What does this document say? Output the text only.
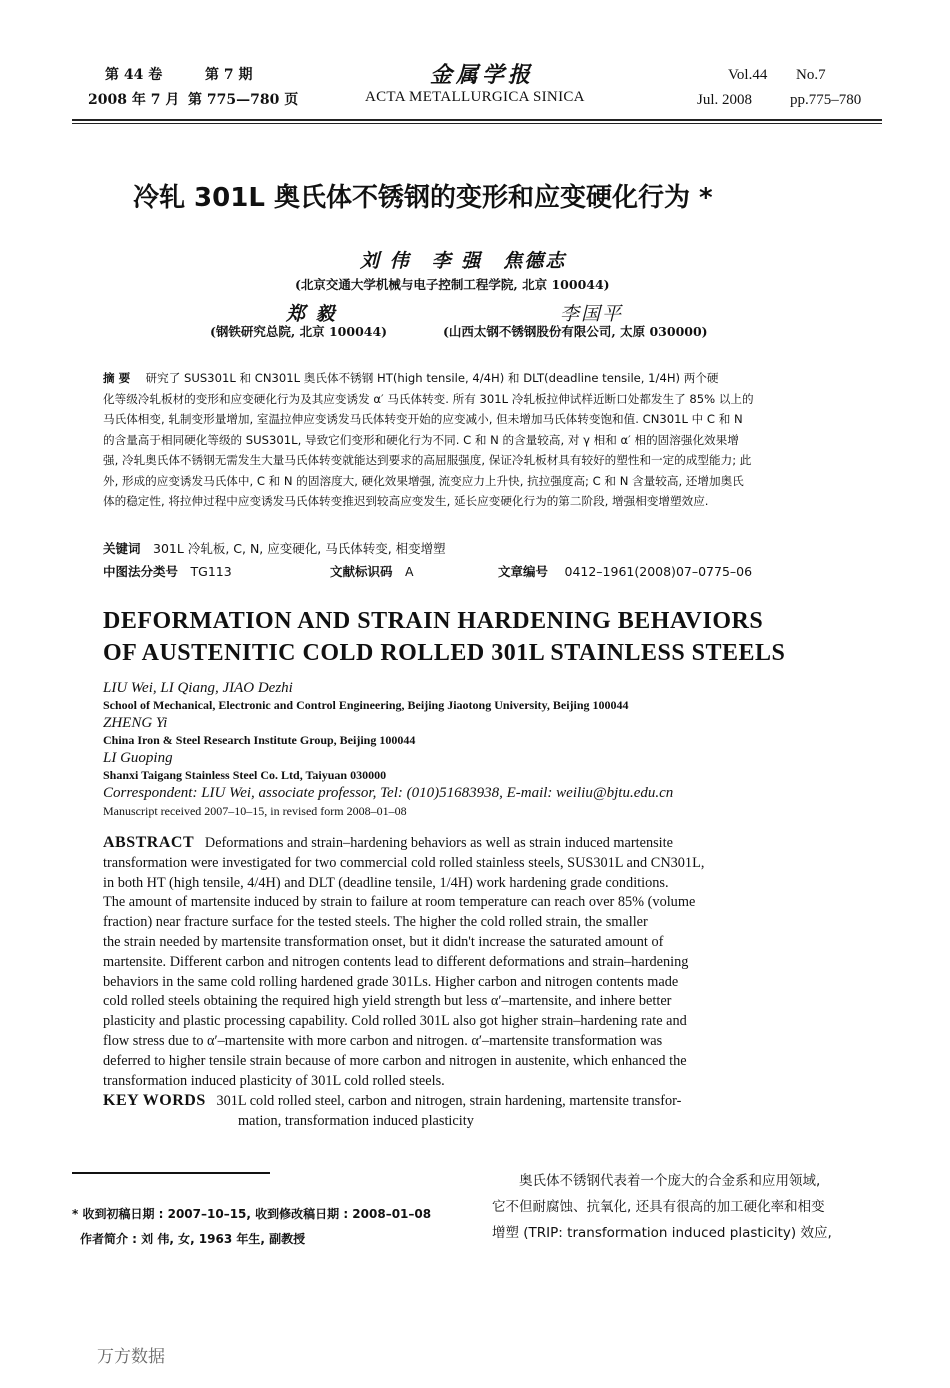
第 44 卷	第 7 期
2008 年 7 月 第 775—780 页
金属学报
ACTA METALLURGICA SINICA
Vol.44 No.7
Jul. 2008	pp.775–780
冷轧 301L 奥氏体不锈钢的变形和应变硬化行为 *
刘 伟　李 强　焦德志
(北京交通大学机械与电子控制工程学院, 北京 100044)
郑 毅	李国平
(钢铁研究总院, 北京 100044)	(山西太钢不锈钢股份有限公司, 太原 030000)
摘 要　 研究了 SUS301L 和 CN301L 奥氏体不锈钢 HT(high tensile, 4/4H) 和 DLT(deadline tensile, 1/4H) 两个硬
化等级冷轧板材的变形和应变硬化行为及其应变诱发 α′ 马氏体转变. 所有 301L 冷轧板拉伸试样近断口处都发生了 85% 以上的
马氏体相变, 轧制变形量增加, 室温拉伸应变诱发马氏体转变开始的应变减小, 但未增加马氏体转变饱和值. CN301L 中 C 和 N
的含量高于相同硬化等级的 SUS301L, 导致它们变形和硬化行为不同. C 和 N 的含量较高, 对 γ 相和 α′ 相的固溶强化效果增
强, 冷轧奥氏体不锈钢无需发生大量马氏体转变就能达到要求的高屈服强度, 保证冷轧板材具有较好的塑性和一定的成型能力; 此
外, 形成的应变诱发马氏体中, C 和 N 的固溶度大, 硬化效果增强, 流变应力上升快, 抗拉强度高; C 和 N 含量较高, 还增加奥氏
体的稳定性, 将拉伸过程中应变诱发马氏体转变推迟到较高应变发生, 延长应变硬化行为的第二阶段, 增强相变增塑效应.
关键词　 301L 冷轧板, C, N, 应变硬化, 马氏体转变, 相变增塑
中图法分类号　 TG113	文献标识码　 A	文章编号　 0412–1961(2008)07–0775–06
DEFORMATION AND STRAIN HARDENING BEHAVIORS
OF AUSTENITIC COLD ROLLED 301L STAINLESS STEELS
LIU Wei, LI Qiang, JIAO Dezhi
School of Mechanical, Electronic and Control Engineering, Beijing Jiaotong University, Beijing 100044
ZHENG Yi
China Iron & Steel Research Institute Group, Beijing 100044
LI Guoping
Shanxi Taigang Stainless Steel Co. Ltd, Taiyuan 030000
Correspondent: LIU Wei, associate professor, Tel: (010)51683938, E-mail: weiliu@bjtu.edu.cn
Manuscript received 2007–10–15, in revised form 2008–01–08
ABSTRACT Deformations and strain–hardening behaviors as well as strain induced martensite
transformation were investigated for two commercial cold rolled stainless steels, SUS301L and CN301L,
in both HT (high tensile, 4/4H) and DLT (deadline tensile, 1/4H) work hardening grade conditions.
The amount of martensite induced by strain to failure at room temperature can reach over 85% (volume
fraction) near fracture surface for the tested steels. The higher the cold rolled strain, the smaller
the strain needed by martensite transformation onset, but it didn't increase the saturated amount of
martensite. Different carbon and nitrogen contents lead to different deformations and strain–hardening
behaviors in the same cold rolling hardened grade 301Ls. Higher carbon and nitrogen contents made
cold rolled steels obtaining the required high yield strength but less α′–martensite, and inhere better
plasticity and plastic processing capability. Cold rolled 301L also got higher strain–hardening rate and
flow stress due to α′–martensite with more carbon and nitrogen. α′–martensite transformation was
deferred to higher tensile strain because of more carbon and nitrogen in austenite, which enhanced the
transformation induced plasticity of 301L cold rolled steels.
KEY WORDS 301L cold rolled steel, carbon and nitrogen, strain hardening, martensite transfor-
mation, transformation induced plasticity
* 收到初稿日期 : 2007–10–15, 收到修改稿日期 : 2008–01–08
作者简介 : 刘 伟, 女, 1963 年生, 副教授
　　奥氏体不锈钢代表着一个庞大的合金系和应用领域,
它不但耐腐蚀、抗氧化, 还具有很高的加工硬化率和相变
增塑 (TRIP: transformation induced plasticity) 效应,
万方数据
